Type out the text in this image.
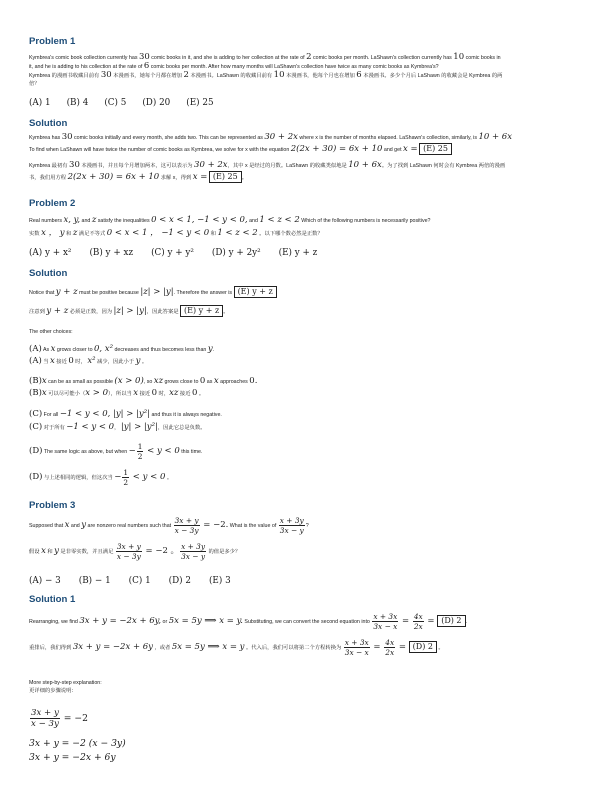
Problem 1

Kymbrea's comic book collection currently has 30 comic books in it, and she is adding to her collection at the rate of 2 comic books per month. LaShawn's collection currently has 10 comic books in
it, and he is adding to his collection at the rate of 6 comic books per month. After how many months will LaShawn's collection have twice as many comic books as Kymbrea's?

Kymbrea 的漫画书收藏目前有 30 本漫画书，她每个月都在增加 2 本漫画书。LaShawn 的收藏目前有 10 本漫画书，他每个月也在增加 6 本漫画书。多少个月后 LaShawn 的收藏会是 Kymbrea 的两
倍？

(A) 1 (B) 4 (C) 5 (D) 20 (E) 25

Solution

Kymbrea has 30 comic books initially and every month, she adds two. This can be represented as 30 + 2x where x is the number of months elapsed. LaShawn's collection, similarly, is 10 + 6x
To find when LaShawn will have twice the number of comic books as Kymbrea, we solve for x with the equation 2(2x + 30) = 6x + 10 and get x = (E) 25

Kymbrea 最初有 30 本漫画书，并且每个月增加两本，这可以表示为 30 + 2x，其中 x 是经过的月数。LaShawn 的收藏类似地是 10 + 6x。为了找到 LaShawn 何时会有 Kymbrea 两倍的漫画
书，我们用方程 2(2x + 30) = 6x + 10 求解 x，得到 x = (E) 25 。

Problem 2

Real numbers x, y, and z satisfy the inequalities 0 < x < 1, −1 < y < 0, and 1 < z < 2 Which of the following numbers is necessarily positive?
实数 x ， y 和 z 满足不等式 0 < x < 1 ， −1 < y < 0 和 1 < z < 2 。以下哪个数必然是正数？

(A) y + x² (B) y + xz (C) y + y² (D) y + 2y² (E) y + z

Solution

Notice that y + z must be positive because |z| > |y|. Therefore the answer is (E) y + z

注意到 y + z 必须是正数，因为 |z| > |y|，因此答案是 (E) y + z 。

The other choices:

(A) As x grows closer to 0, x² decreases and thus becomes less than y.
(A) 当 x 接近 0 时， x² 减少，因此小于 y 。

(B)x can be as small as possible (x > 0), so xz grows close to 0 as x approaches 0.
(B)x 可以尽可能小（x > 0），所以当 x 接近 0 时，xz 接近 0 。

(C) For all −1 < y < 0, |y| > |y²| and thus it is always negative.
(C) 对于所有 −1 < y < 0， |y| > |y²|，因此它总是负数。

(D) The same logic as above, but when − $\frac{1}{2} < y < 0$ this time.

(D) 与上述相同的逻辑，但这次当 − $\frac{1}{2} < y < 0$ 。

Problem 3

Supposed that x and y are nonzero real numbers such that $\frac{3x + y}{x - 3y} = -2$. What is the value of $\frac{x + 3y}{3x - y}$ ?

假设 x 和 y 是非零实数，并且满足 $\frac{3x + y}{x - 3y} = -2$ 。 $\frac{x + 3y}{3x - y}$ 的值是多少？

(A) − 3 (B) − 1 (C) 1 (D) 2 (E) 3

Solution 1

Rearranging, we find 3x + y = −2x + 6y, or 5x = 5y ⟹ x = y. Substituting, we can convert the second equation into $\frac{x + 3x}{3x - x} = \frac{4x}{2x} = (D)$ 2 .

重排后，我们得到 3x + y = −2x + 6y ，或者 5x = 5y ⟹ x = y 。代入后，我们可以将第二个方程转换为 $\frac{x + 3x}{3x - x} = \frac{4x}{2x} = (D)$ 2 。

More step-by-step explanation:
更详细的步骤说明：

$\frac{3x + y}{x - 3y} = -2$

3x + y = −2 (x − 3y)

3x + y = −2x + 6y
